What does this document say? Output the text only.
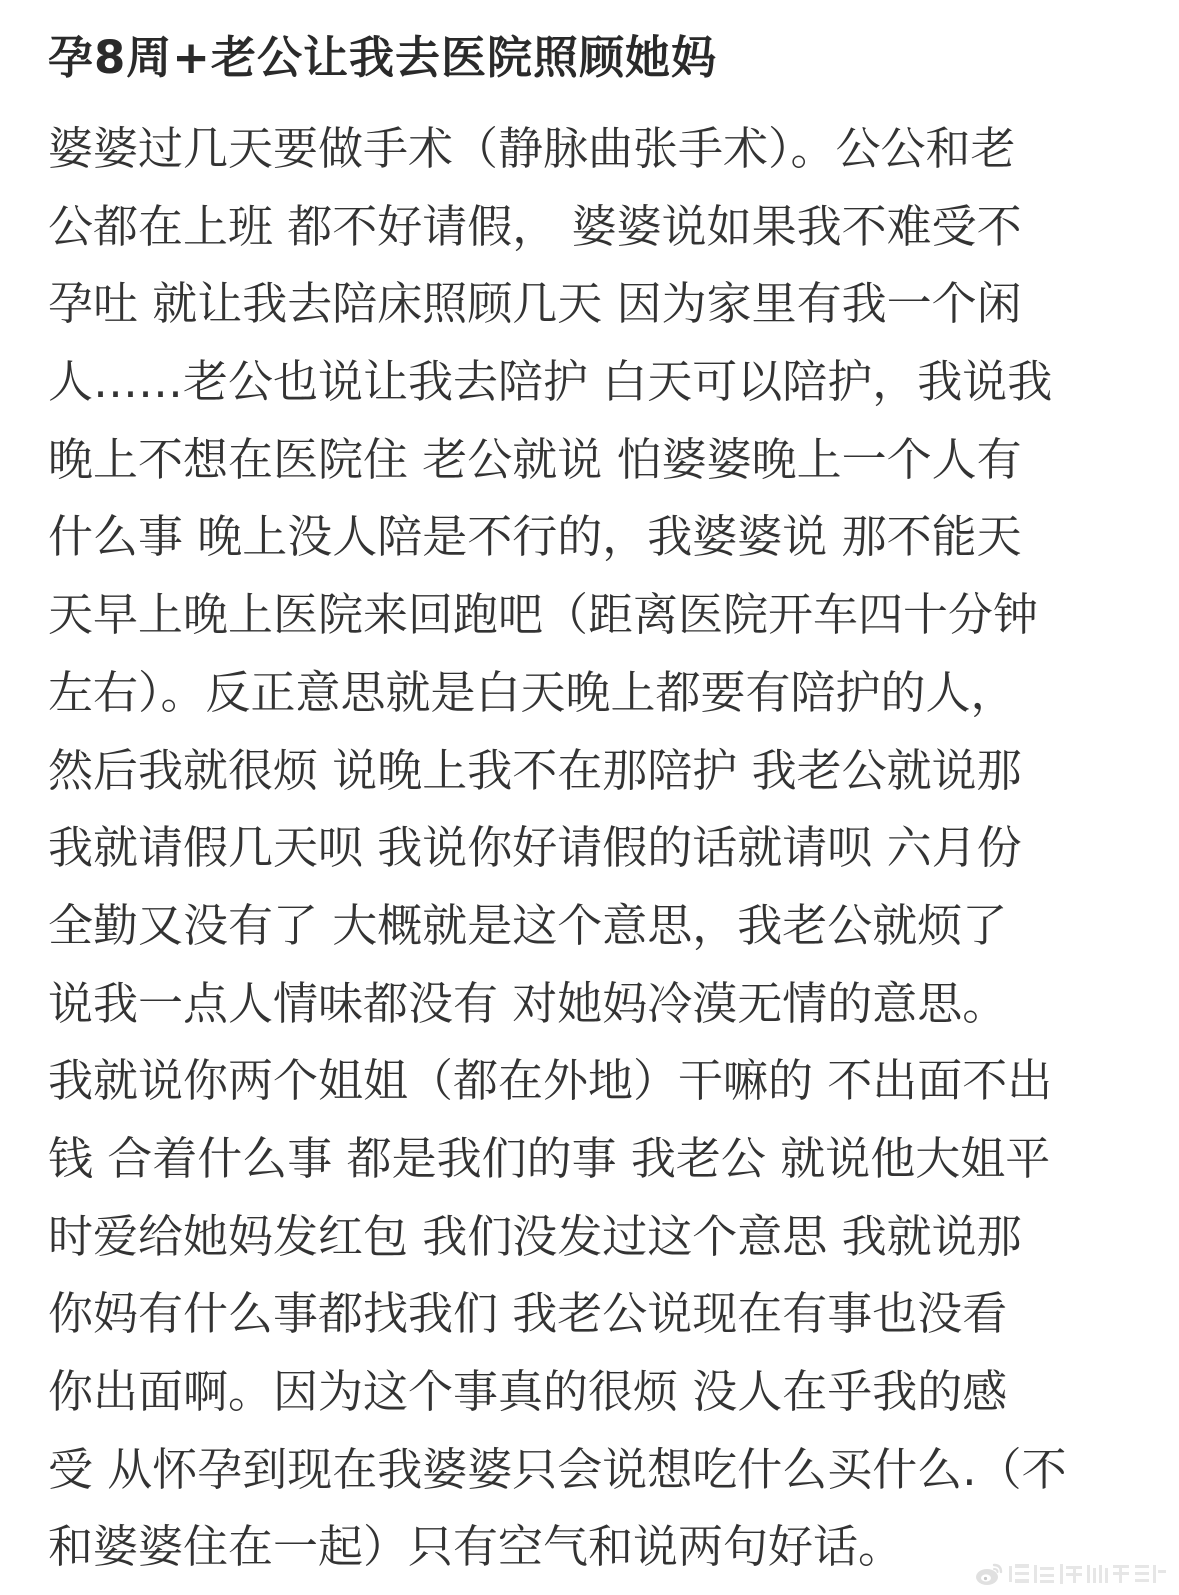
孕8周+老公让我去医院照顾她妈
婆婆过几天要做手术（静脉曲张手术）。公公和老
公都在上班 都不好请假， 婆婆说如果我不难受不
孕吐 就让我去陪床照顾几天 因为家里有我一个闲
人……老公也说让我去陪护 白天可以陪护，我说我
晚上不想在医院住 老公就说 怕婆婆晚上一个人有
什么事 晚上没人陪是不行的，我婆婆说 那不能天
天早上晚上医院来回跑吧（距离医院开车四十分钟
左右）。反正意思就是白天晚上都要有陪护的人，
然后我就很烦 说晚上我不在那陪护 我老公就说那
我就请假几天呗 我说你好请假的话就请呗 六月份
全勤又没有了 大概就是这个意思，我老公就烦了
说我一点人情味都没有 对她妈冷漠无情的意思。
我就说你两个姐姐（都在外地）干嘛的 不出面不出
钱 合着什么事 都是我们的事 我老公 就说他大姐平
时爱给她妈发红包 我们没发过这个意思 我就说那
你妈有什么事都找我们 我老公说现在有事也没看
你出面啊。因为这个事真的很烦 没人在乎我的感
受 从怀孕到现在我婆婆只会说想吃什么买什么.（不
和婆婆住在一起）只有空气和说两句好话。
